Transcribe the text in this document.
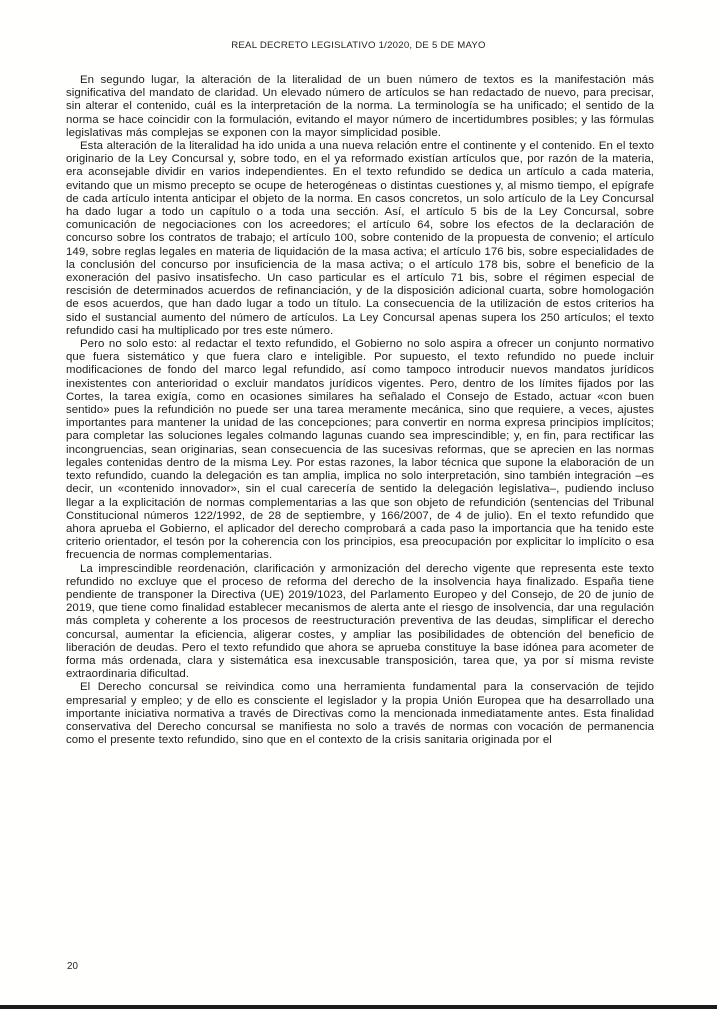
REAL DECRETO LEGISLATIVO 1/2020, DE 5 DE MAYO

En segundo lugar, la alteración de la literalidad de un buen número de textos es la manifestación más significativa del mandato de claridad. Un elevado número de artículos se han redactado de nuevo, para precisar, sin alterar el contenido, cuál es la interpretación de la norma. La terminología se ha unificado; el sentido de la norma se hace coincidir con la formulación, evitando el mayor número de incertidumbres posibles; y las fórmulas legislativas más complejas se exponen con la mayor simplicidad posible.

Esta alteración de la literalidad ha ido unida a una nueva relación entre el continente y el contenido. En el texto originario de la Ley Concursal y, sobre todo, en el ya reformado existían artículos que, por razón de la materia, era aconsejable dividir en varios independientes. En el texto refundido se dedica un artículo a cada materia, evitando que un mismo precepto se ocupe de heterogéneas o distintas cuestiones y, al mismo tiempo, el epígrafe de cada artículo intenta anticipar el objeto de la norma. En casos concretos, un solo artículo de la Ley Concursal ha dado lugar a todo un capítulo o a toda una sección. Así, el artículo 5 bis de la Ley Concursal, sobre comunicación de negociaciones con los acreedores; el artículo 64, sobre los efectos de la declaración de concurso sobre los contratos de trabajo; el artículo 100, sobre contenido de la propuesta de convenio; el artículo 149, sobre reglas legales en materia de liquidación de la masa activa; el artículo 176 bis, sobre especialidades de la conclusión del concurso por insuficiencia de la masa activa; o el artículo 178 bis, sobre el beneficio de la exoneración del pasivo insatisfecho. Un caso particular es el artículo 71 bis, sobre el régimen especial de rescisión de determinados acuerdos de refinanciación, y de la disposición adicional cuarta, sobre homologación de esos acuerdos, que han dado lugar a todo un título. La consecuencia de la utilización de estos criterios ha sido el sustancial aumento del número de artículos. La Ley Concursal apenas supera los 250 artículos; el texto refundido casi ha multiplicado por tres este número.

Pero no solo esto: al redactar el texto refundido, el Gobierno no solo aspira a ofrecer un conjunto normativo que fuera sistemático y que fuera claro e inteligible. Por supuesto, el texto refundido no puede incluir modificaciones de fondo del marco legal refundido, así como tampoco introducir nuevos mandatos jurídicos inexistentes con anterioridad o excluir mandatos jurídicos vigentes. Pero, dentro de los límites fijados por las Cortes, la tarea exigía, como en ocasiones similares ha señalado el Consejo de Estado, actuar «con buen sentido» pues la refundición no puede ser una tarea meramente mecánica, sino que requiere, a veces, ajustes importantes para mantener la unidad de las concepciones; para convertir en norma expresa principios implícitos; para completar las soluciones legales colmando lagunas cuando sea imprescindible; y, en fin, para rectificar las incongruencias, sean originarias, sean consecuencia de las sucesivas reformas, que se aprecien en las normas legales contenidas dentro de la misma Ley. Por estas razones, la labor técnica que supone la elaboración de un texto refundido, cuando la delegación es tan amplia, implica no solo interpretación, sino también integración –es decir, un «contenido innovador», sin el cual carecería de sentido la delegación legislativa–, pudiendo incluso llegar a la explicitación de normas complementarias a las que son objeto de refundición (sentencias del Tribunal Constitucional números 122/1992, de 28 de septiembre, y 166/2007, de 4 de julio). En el texto refundido que ahora aprueba el Gobierno, el aplicador del derecho comprobará a cada paso la importancia que ha tenido este criterio orientador, el tesón por la coherencia con los principios, esa preocupación por explicitar lo implícito o esa frecuencia de normas complementarias.

La imprescindible reordenación, clarificación y armonización del derecho vigente que representa este texto refundido no excluye que el proceso de reforma del derecho de la insolvencia haya finalizado. España tiene pendiente de transponer la Directiva (UE) 2019/1023, del Parlamento Europeo y del Consejo, de 20 de junio de 2019, que tiene como finalidad establecer mecanismos de alerta ante el riesgo de insolvencia, dar una regulación más completa y coherente a los procesos de reestructuración preventiva de las deudas, simplificar el derecho concursal, aumentar la eficiencia, aligerar costes, y ampliar las posibilidades de obtención del beneficio de liberación de deudas. Pero el texto refundido que ahora se aprueba constituye la base idónea para acometer de forma más ordenada, clara y sistemática esa inexcusable transposición, tarea que, ya por sí misma reviste extraordinaria dificultad.

El Derecho concursal se reivindica como una herramienta fundamental para la conservación de tejido empresarial y empleo; y de ello es consciente el legislador y la propia Unión Europea que ha desarrollado una importante iniciativa normativa a través de Directivas como la mencionada inmediatamente antes. Esta finalidad conservativa del Derecho concursal se manifiesta no solo a través de normas con vocación de permanencia como el presente texto refundido, sino que en el contexto de la crisis sanitaria originada por el

20
